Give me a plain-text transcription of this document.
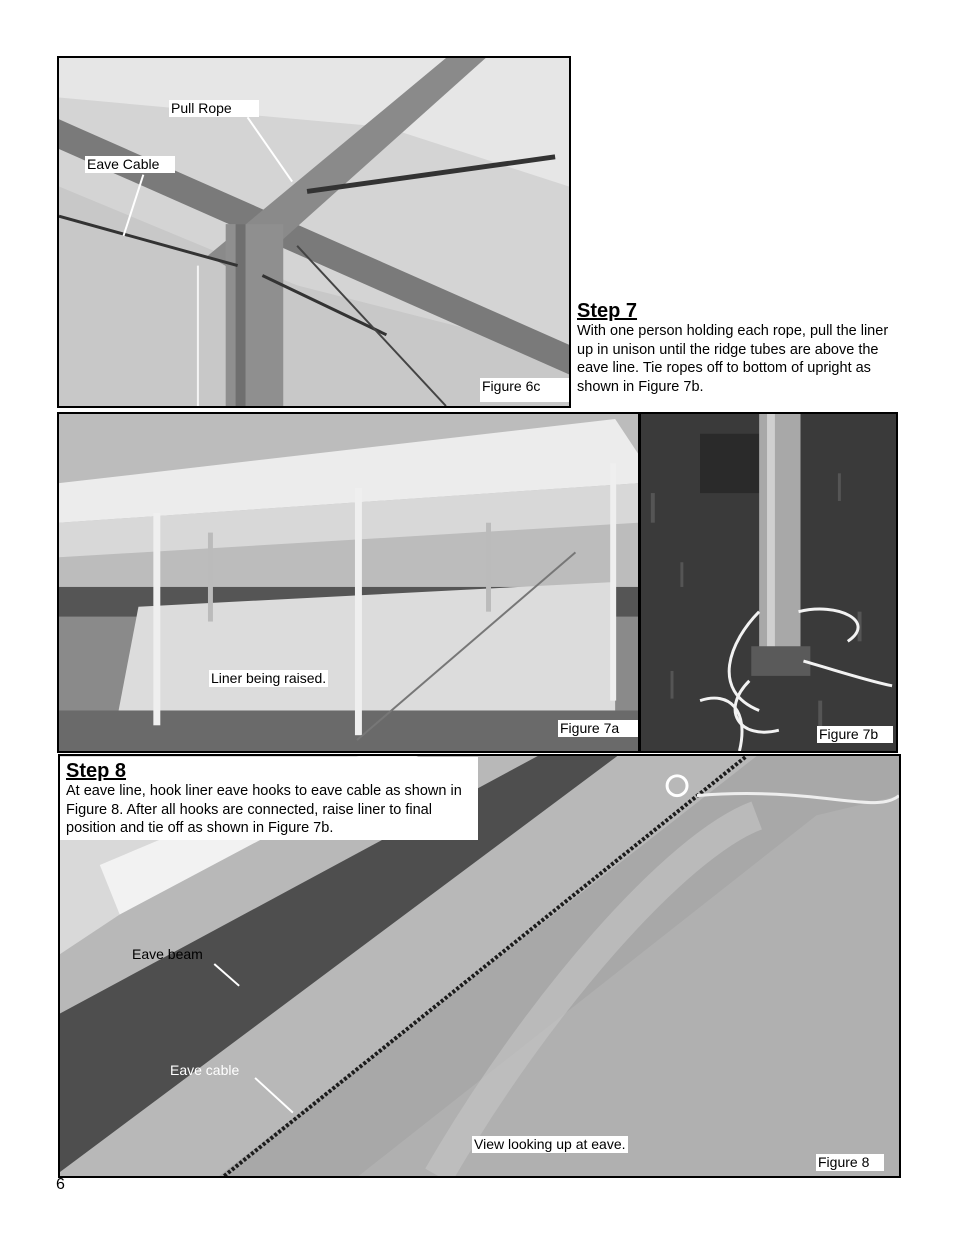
Pull Rope
Eave Cable
Figure 6c

Step 7

With one person holding each rope, pull the liner up in unison until the ridge tubes are above the eave line. Tie ropes off to bottom of upright as shown in Figure 7b.

Liner being raised.
Figure 7a	Figure 7b
Eave beam
Eave cable
View looking up at eave.
Figure 8

Step 8

At eave line, hook liner eave hooks to eave cable as shown in Figure 8. After all hooks are connected, raise liner to final position and tie off as shown in Figure 7b.

6
